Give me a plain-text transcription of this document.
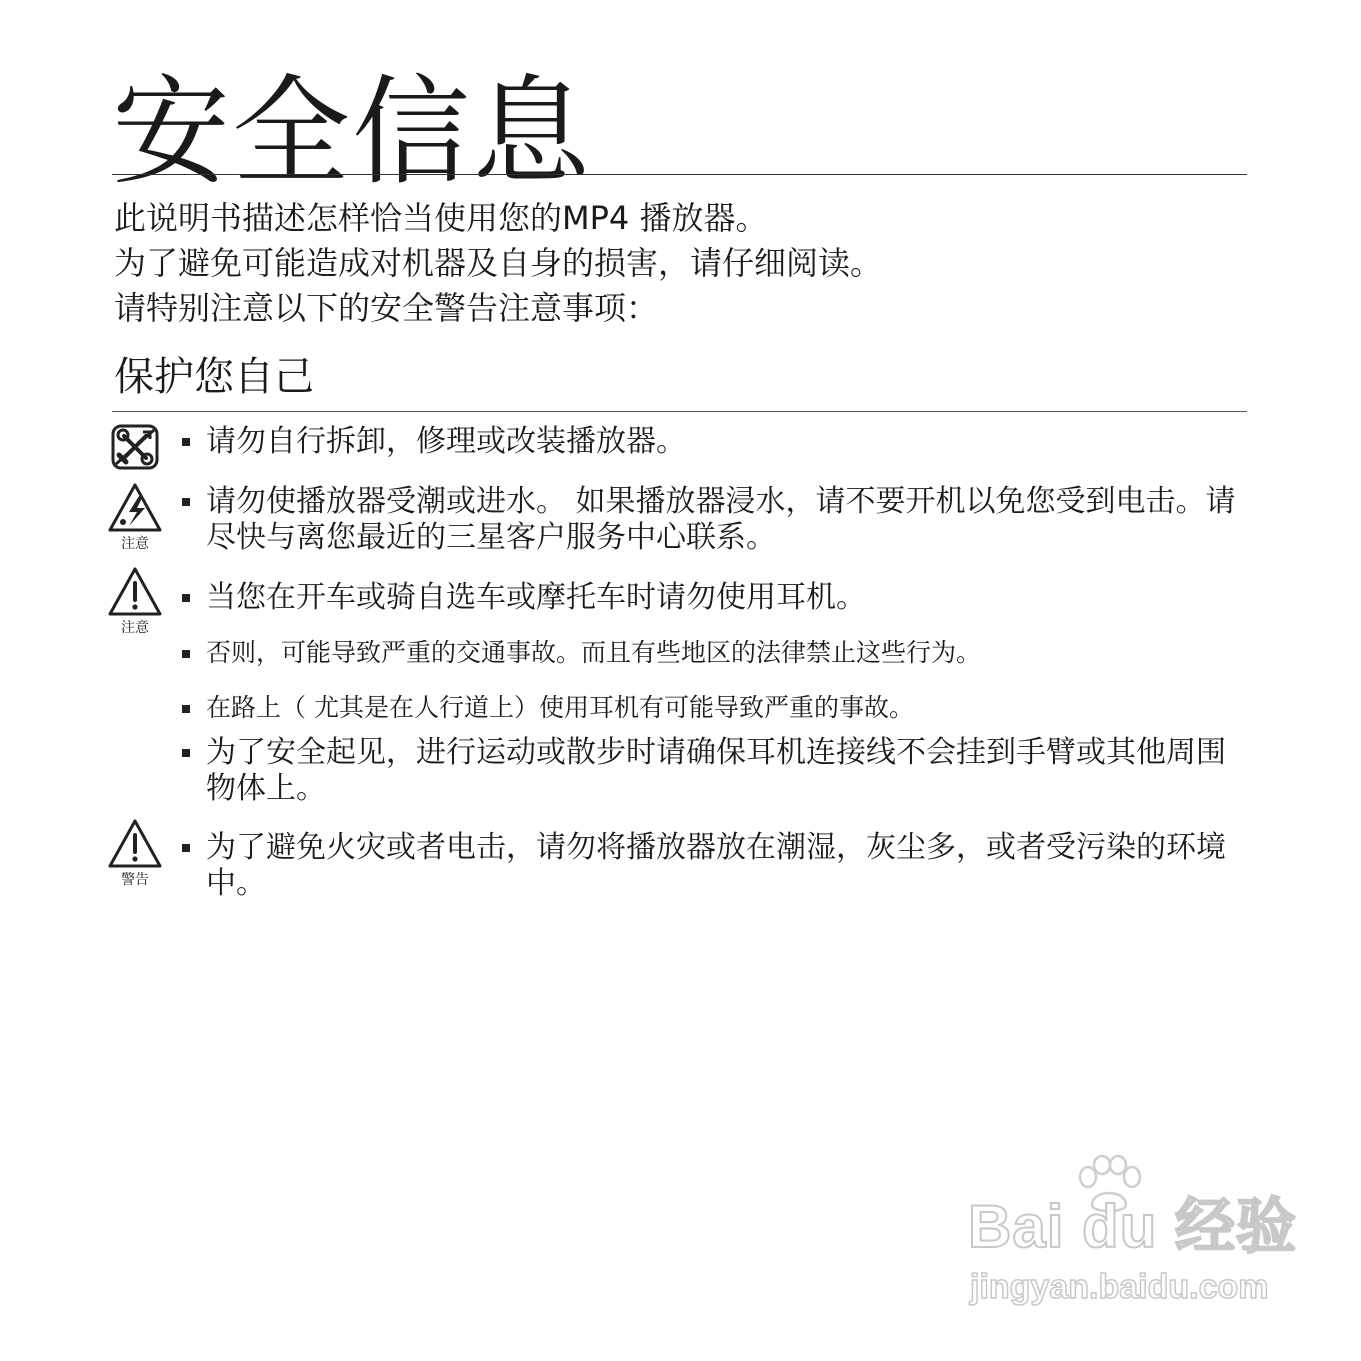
安全信息
此说明书描述怎样恰当使用您的MP4 播放器。
为了避免可能造成对机器及自身的损害，请仔细阅读。
请特别注意以下的安全警告注意事项：
保护您自己
请勿自行拆卸，修理或改装播放器。
注意
请勿使播放器受潮或进水。 如果播放器浸水，请不要开机以免您受到电击。请尽快与离您最近的三星客户服务中心联系。
注意
当您在开车或骑自选车或摩托车时请勿使用耳机。
否则，可能导致严重的交通事故。而且有些地区的法律禁止这些行为。
在路上（ 尤其是在人行道上）使用耳机有可能导致严重的事故。
为了安全起见，进行运动或散步时请确保耳机连接线不会挂到手臂或其他周围物体上。
警告
为了避免火灾或者电击，请勿将播放器放在潮湿，灰尘多，或者受污染的环境中。
Bai du 经验
jingyan.baidu.com
